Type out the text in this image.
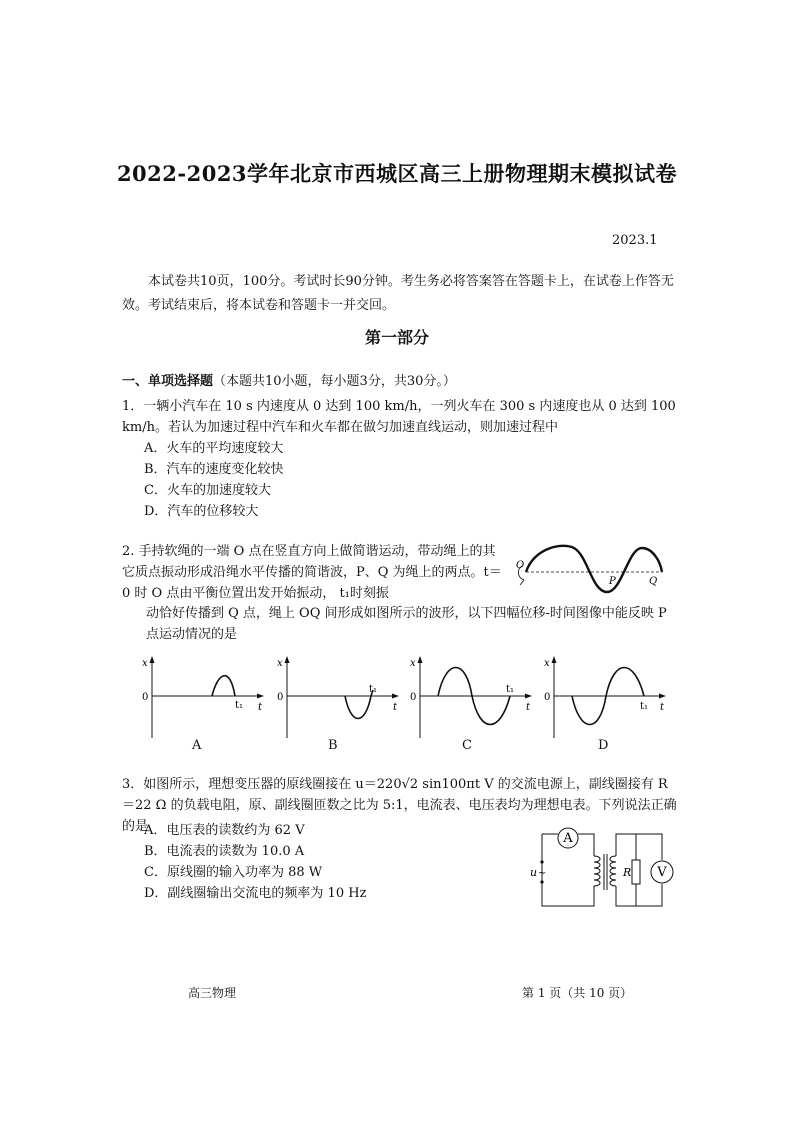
2022-2023学年北京市西城区高三上册物理期末模拟试卷
2023.1
本试卷共10页，100分。考试时长90分钟。考生务必将答案答在答题卡上，在试卷上作答无效。考试结束后，将本试卷和答题卡一并交回。
第一部分
一、单项选择题（本题共10小题，每小题3分，共30分。）
1．一辆小汽车在 10 s 内速度从 0 达到 100 km/h，一列火车在 300 s 内速度也从 0 达到 100 km/h。若认为加速过程中汽车和火车都在做匀加速直线运动，则加速过程中
A．火车的平均速度较大
B．汽车的速度变化较快
C．火车的加速度较大
D．汽车的位移较大
2. 手持软绳的一端 O 点在竖直方向上做简谐运动，带动绳上的其它质点振动形成沿绳水平传播的简谐波，P、Q 为绳上的两点。t＝0 时 O 点由平衡位置出发开始振动， t₁时刻振
动恰好传播到 Q 点，绳上 OQ 间形成如图所示的波形，以下四幅位移-时间图像中能反映 P 点运动情况的是
O
P	Q
x
0
t
t₁
A
x
0
t
t₁
B
x
0
t
t₁
C
x
0
t
t₁
D
3．如图所示，理想变压器的原线圈接在 u＝220√2 sin100πt V 的交流电源上，副线圈接有 R＝22 Ω 的负载电阻，原、副线圈匝数之比为 5:1，电流表、电压表均为理想电表。下列说法正确的是
A．电压表的读数约为 62 V
B．电流表的读数为 10.0 A
C．原线圈的输入功率为 88 W
D．副线圈输出交流电的频率为 10 Hz
A
u ~	R V
高三物理	第 1 页（共 10 页）
